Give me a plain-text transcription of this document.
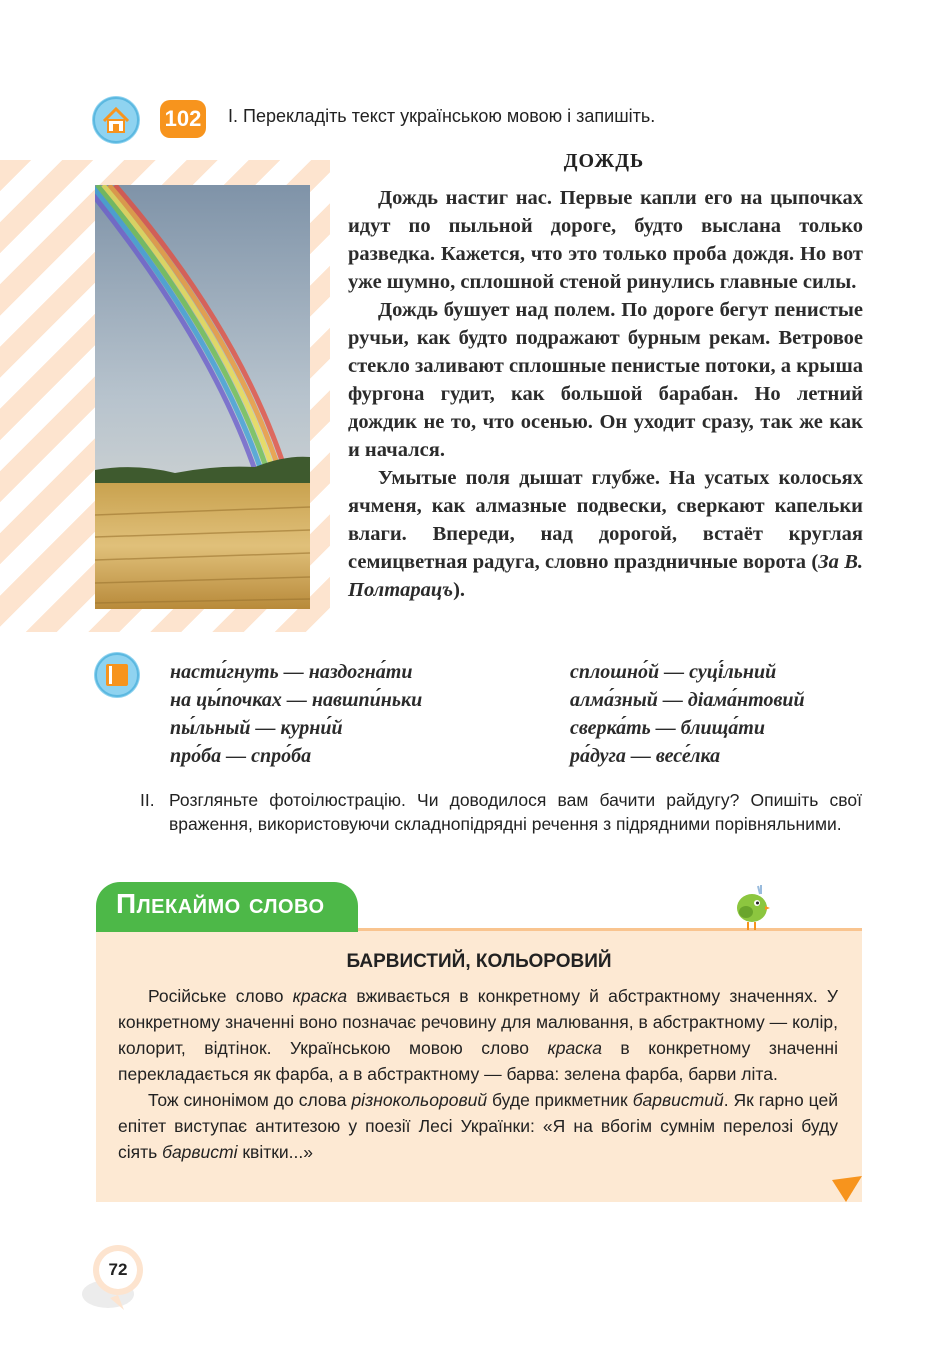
102 І. Перекладіть текст українською мовою і запишіть.
ДОЖДЬ

Дождь настиг нас. Первые капли его на цыпочках идут по пыльной дороге, будто выслана только разведка. Кажется, что это только проба дождя. Но вот уже шумно, сплошной стеной ринулись главные силы.

Дождь бушует над полем. По дороге бегут пенистые ручьи, как будто подражают бурным рекам. Ветровое стекло заливают сплошные пенистые потоки, а крыша фургона гудит, как большой барабан. Но летний дождик не то, что осенью. Он уходит сразу, так же как и начался.

Умытые поля дышат глубже. На усатых колосьях ячменя, как алмазные подвески, сверкают капельки влаги. Впереди, над дорогой, встаёт круглая семицветная радуга, словно праздничные ворота (За В. Полтарацъ).

насти́гнуть — наздогна́ти
на цы́почках — навшпи́ньки
пы́льный — курни́й
про́ба — спро́ба
сплошно́й — суці́льний
алма́зный — діама́нтовий
сверка́ть — блища́ти
ра́дуга — весе́лка
II. Розгляньте фотоілюстрацію. Чи доводилося вам бачити райдугу? Опишіть свої враження, використовуючи складнопідрядні речення з підрядними порівняльними.
Плекаймо слово
БАРВИСТИЙ, КОЛЬОРОВИЙ

Російське слово краска вживається в конкретному й абстрактному значеннях. У конкретному значенні воно позначає речовину для малювання, в абстрактному — колір, колорит, відтінок. Українською мовою слово краска в конкретному значенні перекладається як фарба, а в абстрактному — барва: зелена фарба, барви літа.

Тож синонімом до слова різнокольоровий буде прикметник барвистий. Як гарно цей епітет виступає антитезою у поезії Лесі Українки: «Я на вбогім сумнім перелозі буду сіять барвисті квітки...»

72
